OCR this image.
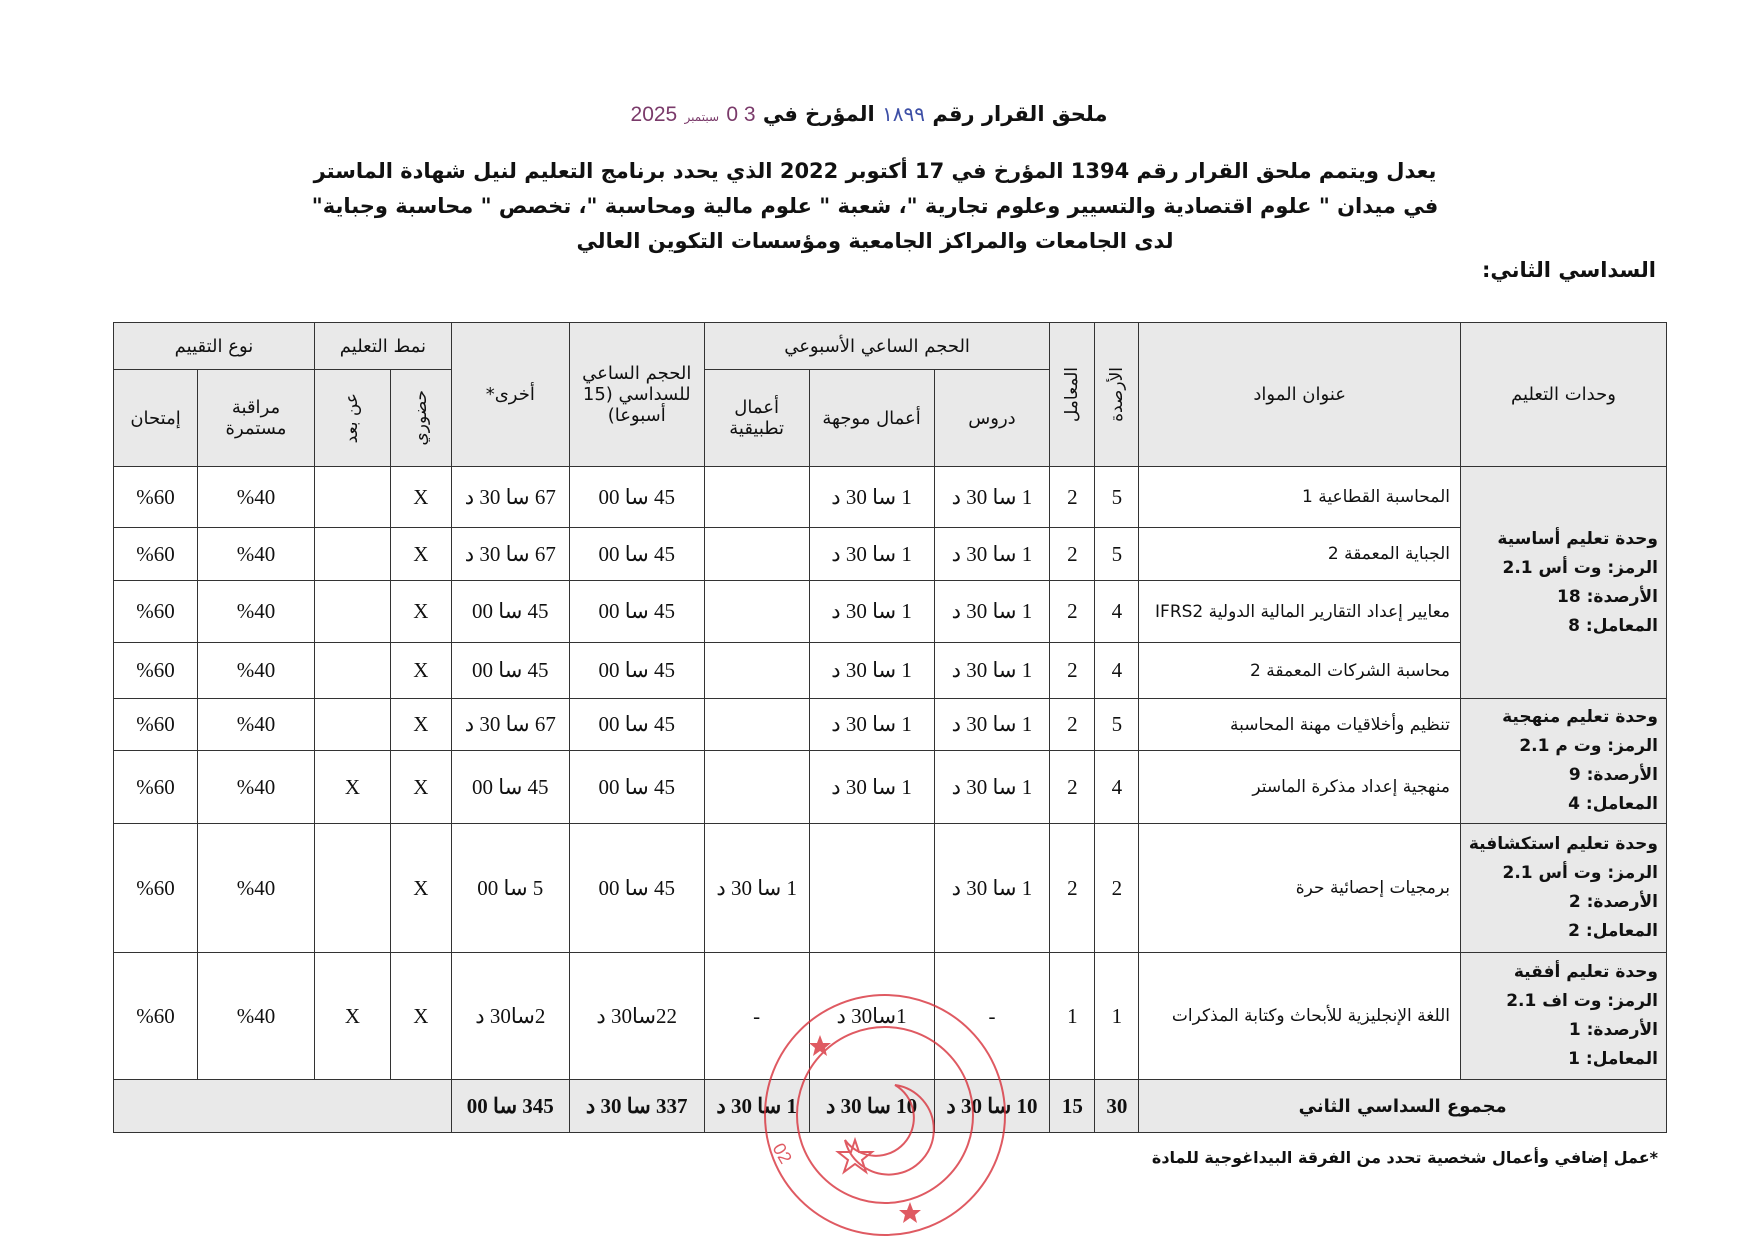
ملحق القرار رقم ١٨٩٩ المؤرخ في 3 0 سبتمبر 2025
يعدل ويتمم ملحق القرار رقم 1394 المؤرخ في 17 أكتوبر 2022 الذي يحدد برنامج التعليم لنيل شهادة الماستر
في ميدان " علوم اقتصادية والتسيير وعلوم تجارية "، شعبة " علوم مالية ومحاسبة "، تخصص " محاسبة وجباية"
لدى الجامعات والمراكز الجامعية ومؤسسات التكوين العالي
السداسي الثاني:
وحدات التعليم	عنوان المواد	الأرصدة	المعامل	الحجم الساعي الأسبوعي			الحجم الساعي للسداسي (15 أسبوعا)	أخرى*	نمط التعليم		نوع التقييم	
				دروس	أعمال موجهة	أعمال تطبيقية			حضوري	عن بعد	مراقبة مستمرة	إمتحان

وحدة تعليم أساسية
الرمز: وت أس 2.1
الأرصدة: 18
المعامل: 8	المحاسبة القطاعية 1	5	2	1 سا 30 د	1 سا 30 د		45 سا 00	67 سا 30 د	X		%40	%60
	الجباية المعمقة 2	5	2	1 سا 30 د	1 سا 30 د		45 سا 00	67 سا 30 د	X		%40	%60
	معايير إعداد التقارير المالية الدولية IFRS2	4	2	1 سا 30 د	1 سا 30 د		45 سا 00	45 سا 00	X		%40	%60
	محاسبة الشركات المعمقة 2	4	2	1 سا 30 د	1 سا 30 د		45 سا 00	45 سا 00	X		%40	%60

وحدة تعليم منهجية
الرمز: وت م 2.1
الأرصدة: 9
المعامل: 4	تنظيم وأخلاقيات مهنة المحاسبة	5	2	1 سا 30 د	1 سا 30 د		45 سا 00	67 سا 30 د	X		%40	%60
	منهجية إعداد مذكرة الماستر	4	2	1 سا 30 د	1 سا 30 د		45 سا 00	45 سا 00	X	X	%40	%60

وحدة تعليم استكشافية
الرمز: وت أس 2.1
الأرصدة: 2
المعامل: 2	برمجيات إحصائية حرة	2	2	1 سا 30 د		1 سا 30 د	45 سا 00	5 سا 00	X		%40	%60

وحدة تعليم أفقية
الرمز: وت اف 2.1
الأرصدة: 1
المعامل: 1	اللغة الإنجليزية للأبحاث وكتابة المذكرات	1	1	-	1سا30 د	-	22سا30 د	2سا30 د	X	X	%40	%60
مجموع السداسي الثاني		30	15	10 سا 30 د	10 سا 30 د	1 سا 30 د	337 سا 30 د	345 سا 00				
*عمل إضافي وأعمال شخصية تحدد من الفرقة البيداغوجية للمادة
02
